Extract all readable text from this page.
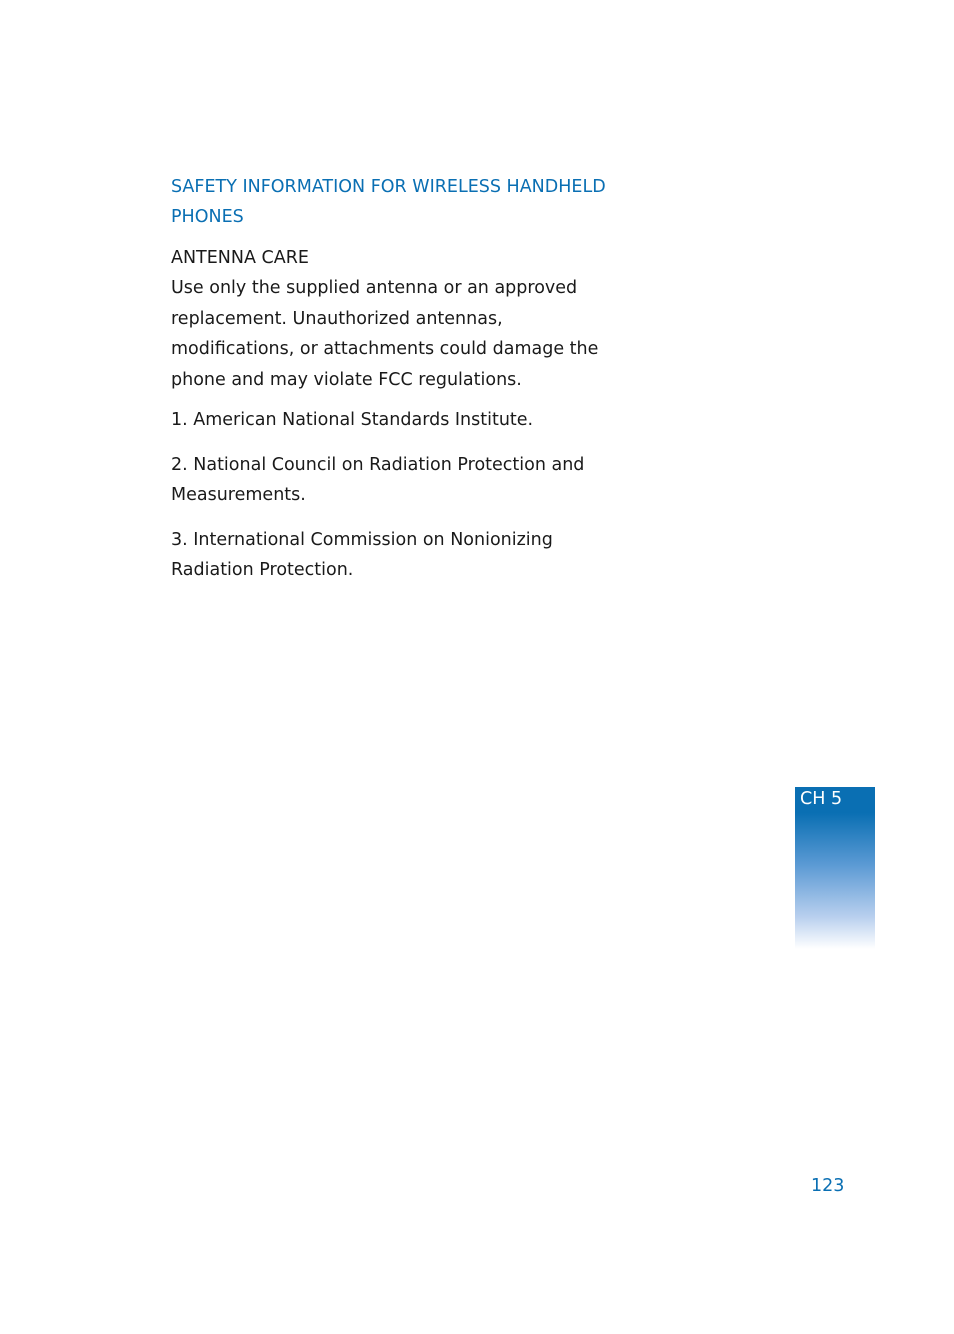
SAFETY INFORMATION FOR WIRELESS HANDHELD PHONES
ANTENNA CARE

Use only the supplied antenna or an approved replacement. Unauthorized antennas, modifications, or attachments could damage the phone and may violate FCC regulations.

1. American National Standards Institute.

2. National Council on Radiation Protection and Measurements.

3. International Commission on Nonionizing Radiation Protection.

CH 5
123
